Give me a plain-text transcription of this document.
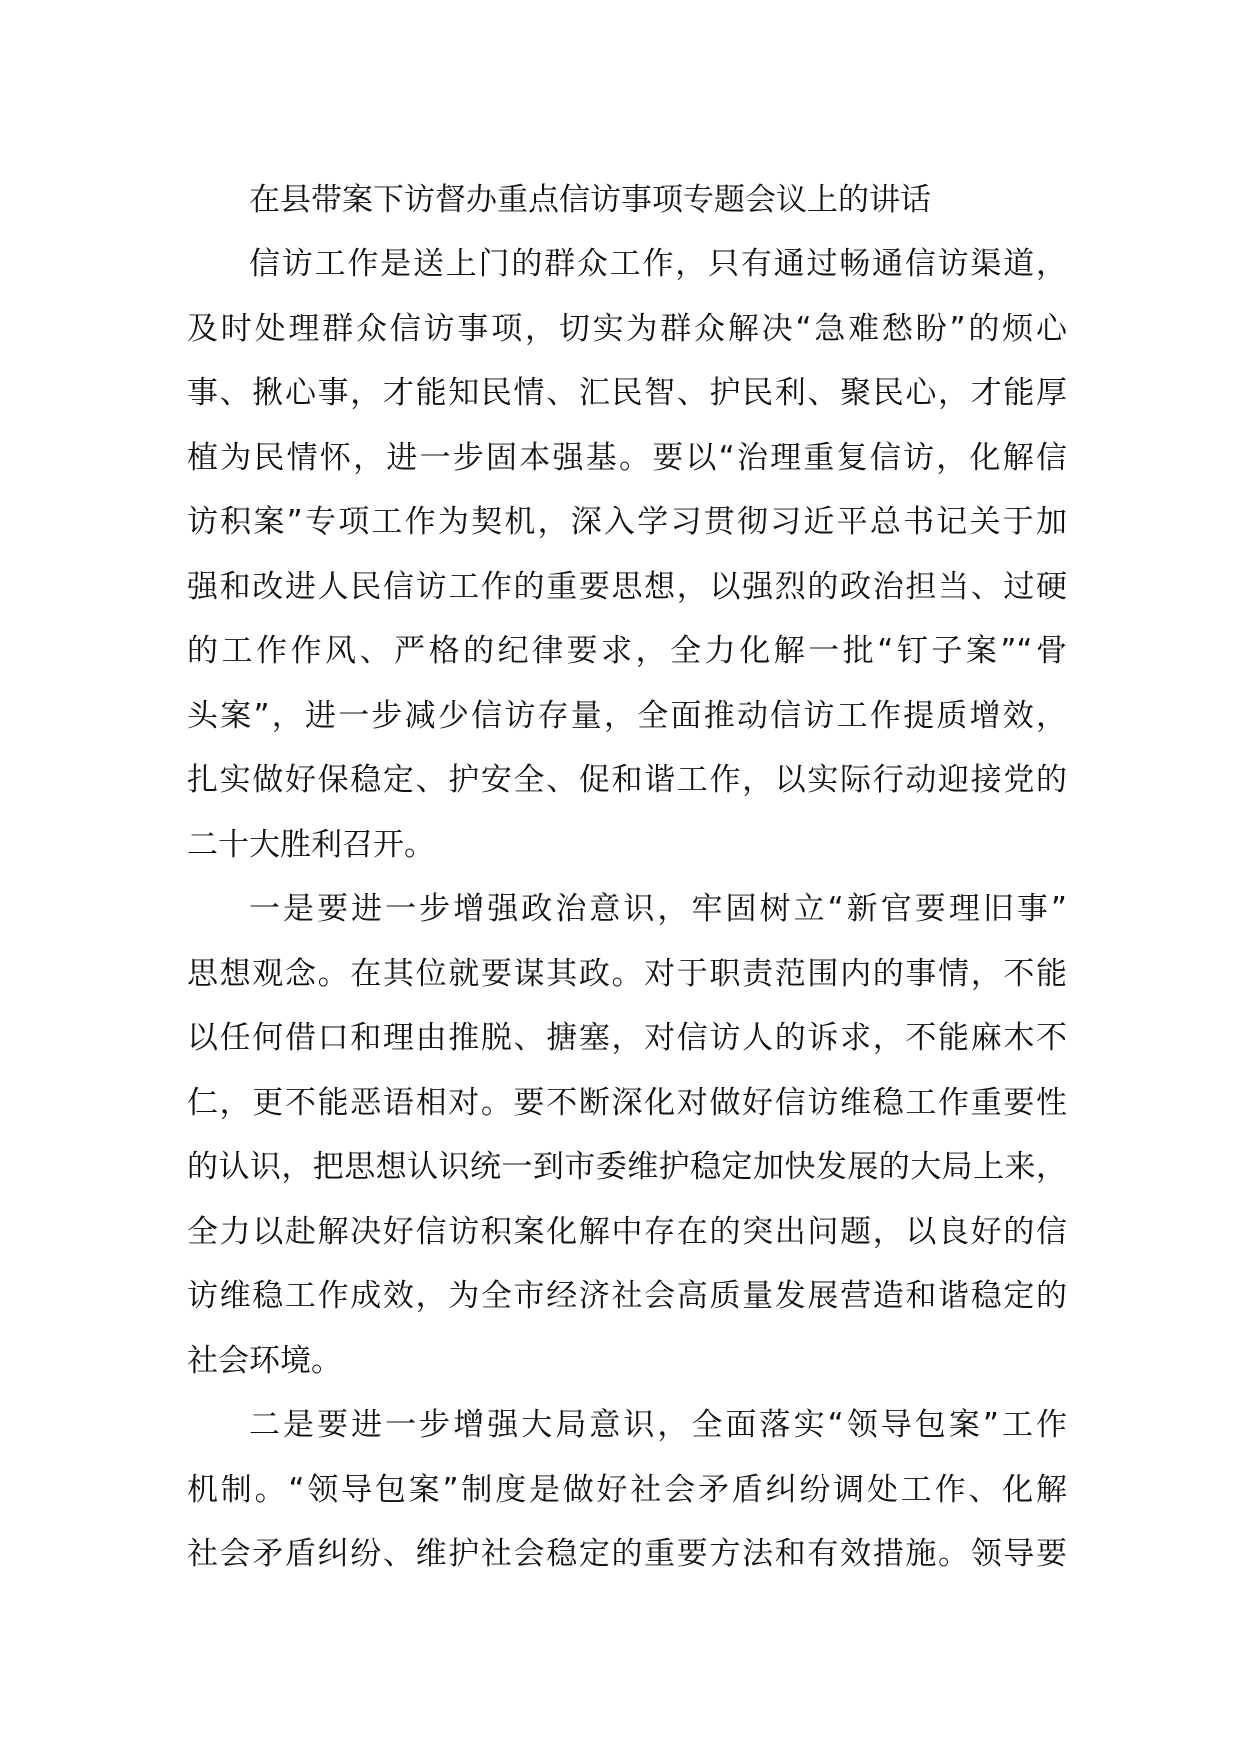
在县带案下访督办重点信访事项专题会议上的讲话
信访工作是送上门的群众工作，只有通过畅通信访渠道，
及时处理群众信访事项，切实为群众解决“急难愁盼”的烦心
事、揪心事，才能知民情、汇民智、护民利、聚民心，才能厚
植为民情怀，进一步固本强基。要以“治理重复信访，化解信
访积案”专项工作为契机，深入学习贯彻习近平总书记关于加
强和改进人民信访工作的重要思想，以强烈的政治担当、过硬
的工作作风、严格的纪律要求，全力化解一批“钉子案”“骨
头案”，进一步减少信访存量，全面推动信访工作提质增效，
扎实做好保稳定、护安全、促和谐工作，以实际行动迎接党的
二十大胜利召开。
一是要进一步增强政治意识，牢固树立“新官要理旧事”
思想观念。在其位就要谋其政。对于职责范围内的事情，不能
以任何借口和理由推脱、搪塞，对信访人的诉求，不能麻木不
仁，更不能恶语相对。要不断深化对做好信访维稳工作重要性
的认识，把思想认识统一到市委维护稳定加快发展的大局上来，
全力以赴解决好信访积案化解中存在的突出问题，以良好的信
访维稳工作成效，为全市经济社会高质量发展营造和谐稳定的
社会环境。
二是要进一步增强大局意识，全面落实“领导包案”工作
机制。“领导包案”制度是做好社会矛盾纠纷调处工作、化解
社会矛盾纠纷、维护社会稳定的重要方法和有效措施。领导要
